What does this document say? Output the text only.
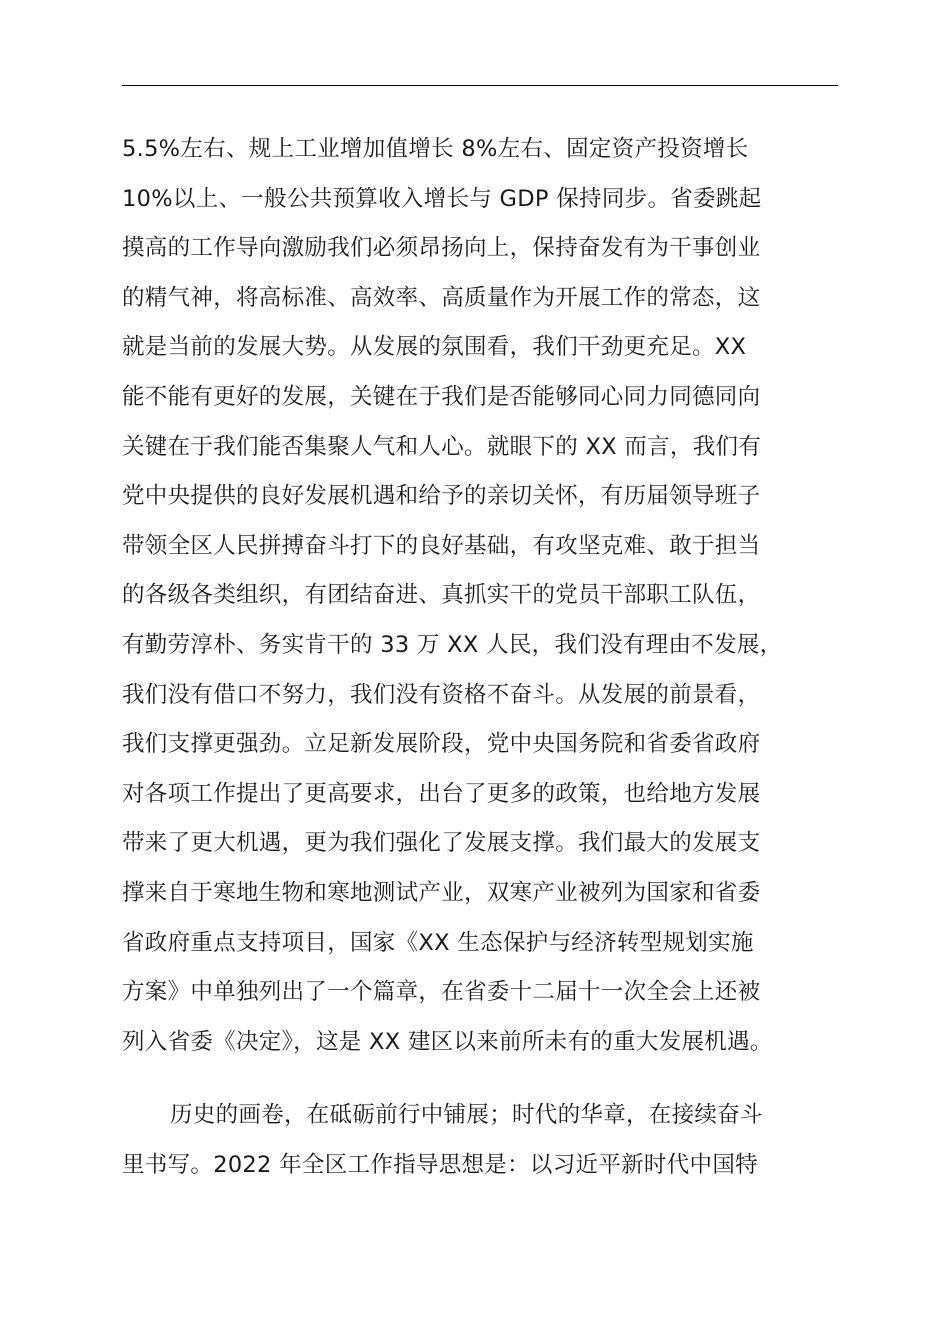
5.5%左右、规上工业增加值增长 8%左右、固定资产投资增长
10%以上、一般公共预算收入增长与 GDP 保持同步。省委跳起
摸高的工作导向激励我们必须昂扬向上，保持奋发有为干事创业
的精气神，将高标准、高效率、高质量作为开展工作的常态，这
就是当前的发展大势。从发展的氛围看，我们干劲更充足。XX
能不能有更好的发展，关键在于我们是否能够同心同力同德同向
关键在于我们能否集聚人气和人心。就眼下的 XX 而言，我们有
党中央提供的良好发展机遇和给予的亲切关怀，有历届领导班子
带领全区人民拼搏奋斗打下的良好基础，有攻坚克难、敢于担当
的各级各类组织，有团结奋进、真抓实干的党员干部职工队伍，
有勤劳淳朴、务实肯干的 33 万 XX 人民，我们没有理由不发展，
我们没有借口不努力，我们没有资格不奋斗。从发展的前景看，
我们支撑更强劲。立足新发展阶段，党中央国务院和省委省政府
对各项工作提出了更高要求，出台了更多的政策，也给地方发展
带来了更大机遇，更为我们强化了发展支撑。我们最大的发展支
撑来自于寒地生物和寒地测试产业，双寒产业被列为国家和省委
省政府重点支持项目，国家《XX 生态保护与经济转型规划实施
方案》中单独列出了一个篇章，在省委十二届十一次全会上还被
列入省委《决定》，这是 XX 建区以来前所未有的重大发展机遇。
历史的画卷，在砥砺前行中铺展；时代的华章，在接续奋斗
里书写。2022 年全区工作指导思想是：以习近平新时代中国特
